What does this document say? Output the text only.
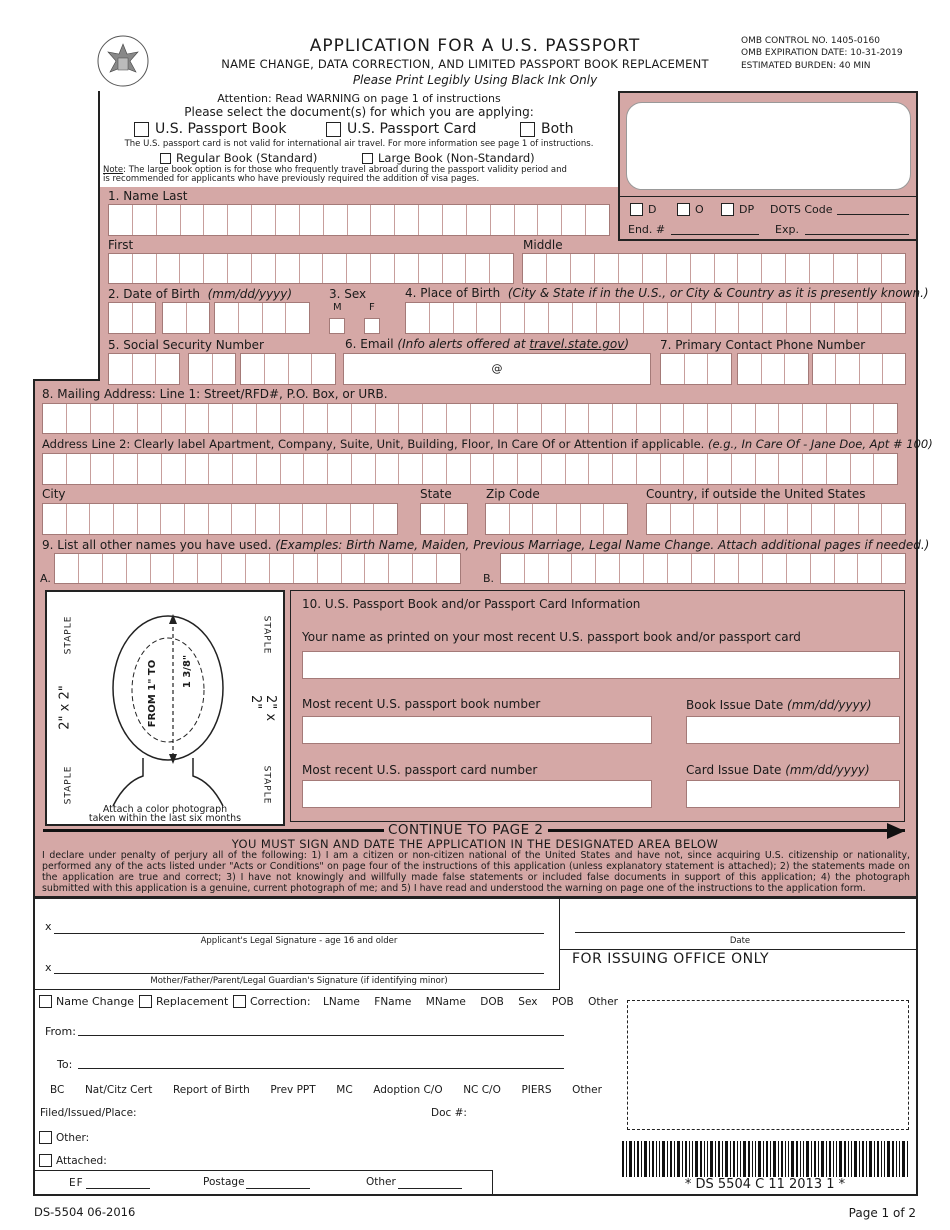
APPLICATION FOR A U.S. PASSPORT
NAME CHANGE, DATA CORRECTION, AND LIMITED PASSPORT BOOK REPLACEMENT
Please Print Legibly Using Black Ink Only
OMB CONTROL NO. 1405-0160
OMB EXPIRATION DATE: 10-31-2019
ESTIMATED BURDEN: 40 MIN
Attention: Read WARNING on page 1 of instructions
Please select the document(s) for which you are applying:
U.S. Passport Book	U.S. Passport Card	Both
The U.S. passport card is not valid for international air travel. For more information see page 1 of instructions.
Regular Book (Standard)	Large Book (Non-Standard)
Note: The large book option is for those who frequently travel abroad during the passport validity period and is recommended for applicants who have previously required the addition of visa pages.
D	O	DP DOTS Code
End. #	Exp.
1. Name Last
First	Middle
2. Date of Birth (mm/dd/yyyy)	3. Sex
M	F
4. Place of Birth (City & State if in the U.S., or City & Country as it is presently known.)
5. Social Security Number	6. Email (Info alerts offered at travel.state.gov)
@
7. Primary Contact Phone Number
8. Mailing Address: Line 1: Street/RFD#, P.O. Box, or URB.
Address Line 2: Clearly label Apartment, Company, Suite, Unit, Building, Floor, In Care Of or Attention if applicable. (e.g., In Care Of - Jane Doe, Apt # 100)
City	State	Zip Code	Country, if outside the United States
9. List all other names you have used. (Examples: Birth Name, Maiden, Previous Marriage, Legal Name Change. Attach additional pages if needed.)
A.	B.
STAPLE	STAPLE
STAPLE	STAPLE
2" x 2"	2" x 2"
FROM 1" TO 1 3/8"
Attach a color photograph
taken within the last six months
10. U.S. Passport Book and/or Passport Card Information
Your name as printed on your most recent U.S. passport book and/or passport card
Most recent U.S. passport book number	Book Issue Date (mm/dd/yyyy)
Most recent U.S. passport card number	Card Issue Date (mm/dd/yyyy)
CONTINUE TO PAGE 2
YOU MUST SIGN AND DATE THE APPLICATION IN THE DESIGNATED AREA BELOW
I declare under penalty of perjury all of the following: 1) I am a citizen or non-citizen national of the United States and have not, since acquiring U.S. citizenship or nationality, performed any of the acts listed under "Acts or Conditions" on page four of the instructions of this application (unless explanatory statement is attached); 2) the statements made on the application are true and correct; 3) I have not knowingly and willfully made false statements or included false documents in support of this application; 4) the photograph submitted with this application is a genuine, current photograph of me; and 5) I have read and understood the warning on page one of the instructions to the application form.
x
Applicant's Legal Signature - age 16 and older
x
Mother/Father/Parent/Legal Guardian's Signature (if identifying minor)
Date
FOR ISSUING OFFICE ONLY
Name Change Replacement Correction: LName FName MName DOB Sex POB Other
From:
To:
BC Nat/Citz Cert Report of Birth Prev PPT MC Adoption C/O NC C/O PIERS Other
Filed/Issued/Place:	Doc #:
Other:
Attached:
EF	Postage	Other	* DS 5504 C 11 2013 1 *
DS-5504 06-2016	Page 1 of 2
